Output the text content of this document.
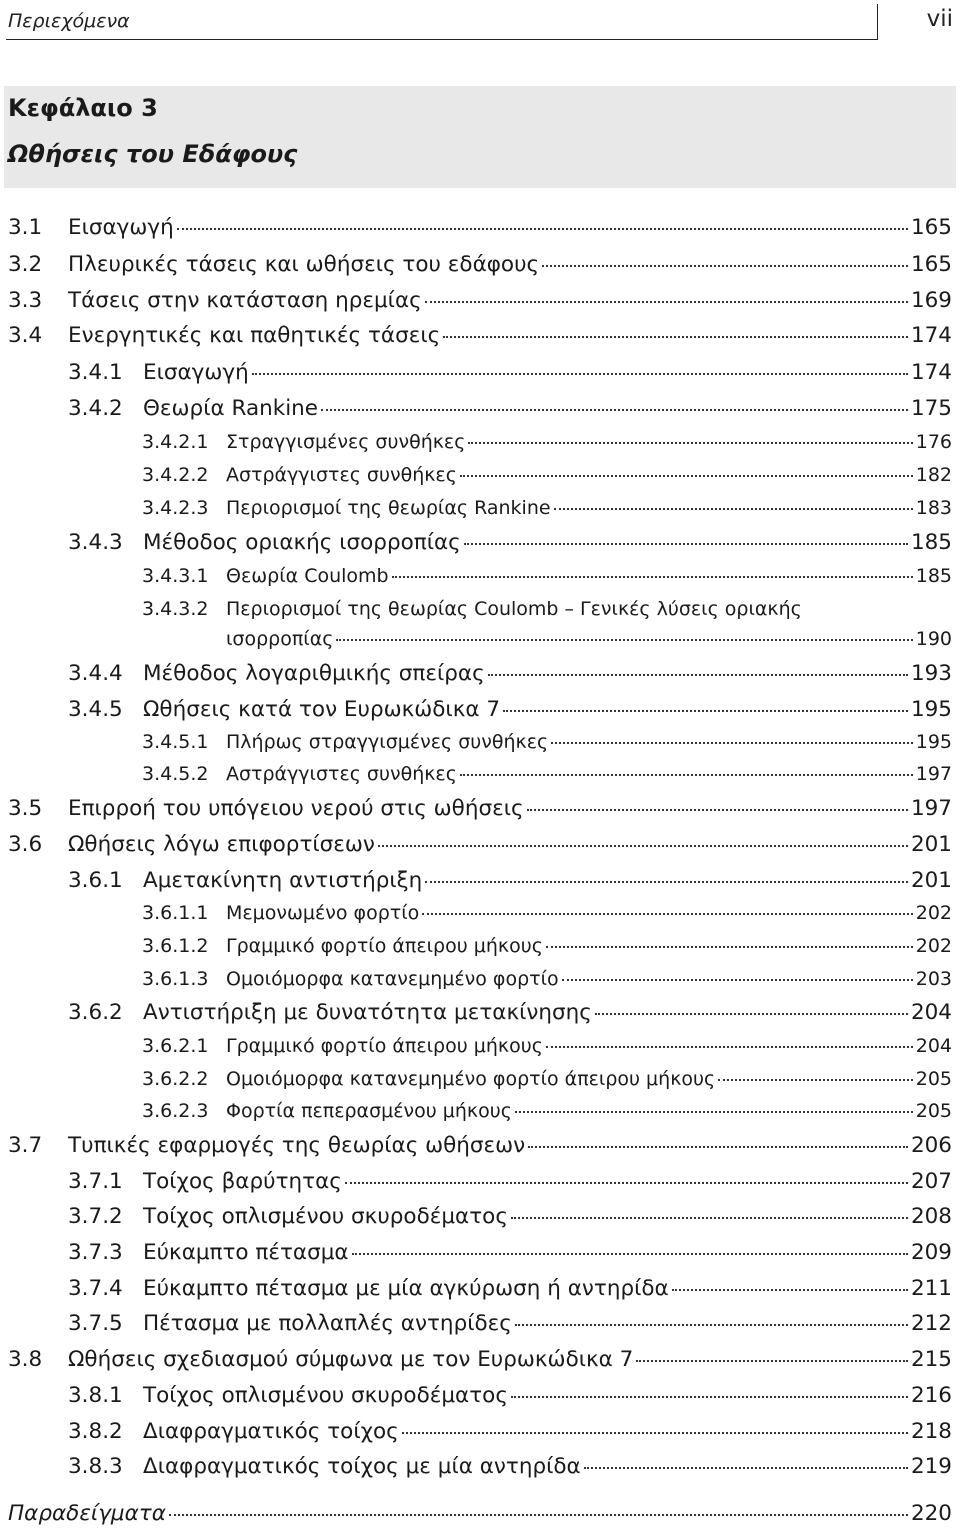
Περιεχόμενα	vii
Κεφάλαιο 3
Ωθήσεις του Εδάφους
3.1	Εισαγωγή	165
3.2	Πλευρικές τάσεις και ωθήσεις του εδάφους	165
3.3	Τάσεις στην κατάσταση ηρεμίας	169
3.4	Ενεργητικές και παθητικές τάσεις	174
3.4.1 Εισαγωγή	174
3.4.2 Θεωρία Rankine	175
3.4.2.1 Στραγγισμένες συνθήκες	176
3.4.2.2 Αστράγγιστες συνθήκες	182
3.4.2.3 Περιορισμοί της θεωρίας Rankine	183
3.4.3 Μέθοδος οριακής ισορροπίας	185
3.4.3.1 Θεωρία Coulomb	185
3.4.3.2 Περιορισμοί της θεωρίας Coulomb – Γενικές λύσεις οριακής
ισορροπίας	190
3.4.4 Μέθοδος λογαριθμικής σπείρας	193
3.4.5 Ωθήσεις κατά τον Ευρωκώδικα 7	195
3.4.5.1 Πλήρως στραγγισμένες συνθήκες	195
3.4.5.2 Αστράγγιστες συνθήκες	197
3.5	Επιρροή του υπόγειου νερού στις ωθήσεις	197
3.6	Ωθήσεις λόγω επιφορτίσεων	201
3.6.1 Αμετακίνητη αντιστήριξη	201
3.6.1.1 Μεμονωμένο φορτίο	202
3.6.1.2 Γραμμικό φορτίο άπειρου μήκους	202
3.6.1.3 Ομοιόμορφα κατανεμημένο φορτίο	203
3.6.2 Αντιστήριξη με δυνατότητα μετακίνησης	204
3.6.2.1 Γραμμικό φορτίο άπειρου μήκους	204
3.6.2.2 Ομοιόμορφα κατανεμημένο φορτίο άπειρου μήκους	205
3.6.2.3 Φορτία πεπερασμένου μήκους	205
3.7	Τυπικές εφαρμογές της θεωρίας ωθήσεων	206
3.7.1 Τοίχος βαρύτητας	207
3.7.2 Τοίχος οπλισμένου σκυροδέματος	208
3.7.3 Εύκαμπτο πέτασμα	209
3.7.4 Εύκαμπτο πέτασμα με μία αγκύρωση ή αντηρίδα	211
3.7.5 Πέτασμα με πολλαπλές αντηρίδες	212
3.8	Ωθήσεις σχεδιασμού σύμφωνα με τον Ευρωκώδικα 7	215
3.8.1 Τοίχος οπλισμένου σκυροδέματος	216
3.8.2 Διαφραγματικός τοίχος	218
3.8.3 Διαφραγματικός τοίχος με μία αντηρίδα	219
Παραδείγματα	220
